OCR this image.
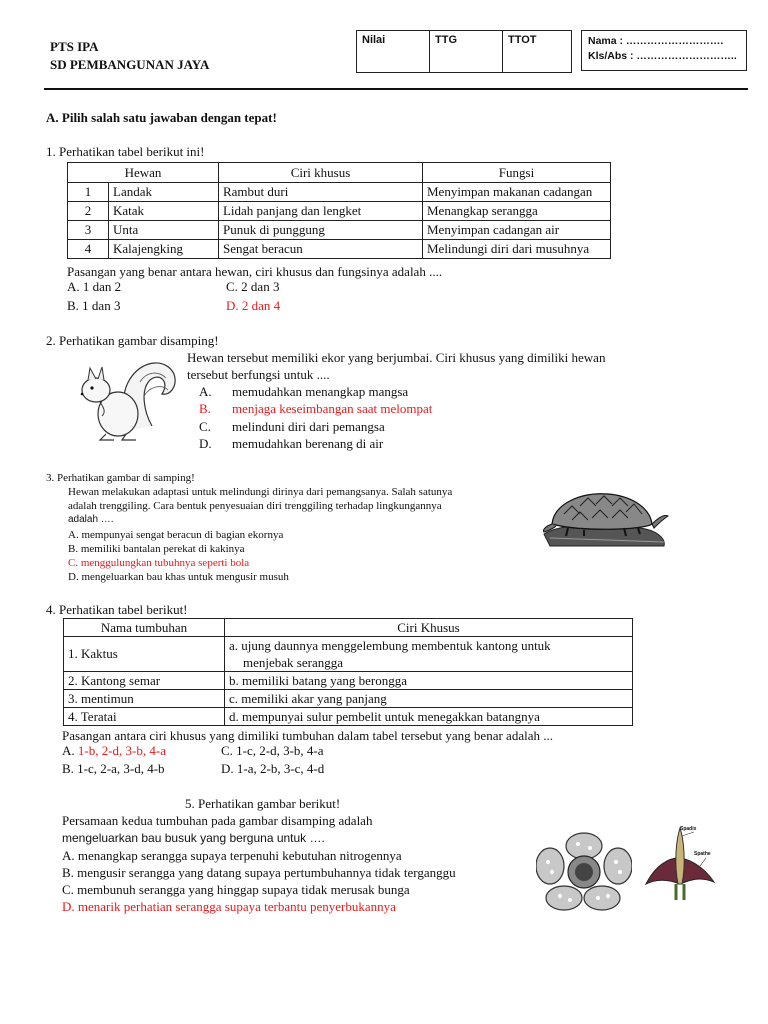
PTS IPA
SD PEMBANGUNAN JAYA
Nilai	TTG	TTOT	Nama : ……………………….
Kls/Abs : ………………………..
A. Pilih salah satu jawaban dengan tepat!
1. Perhatikan tabel berikut ini!
Hewan		Ciri khusus	Fungsi
1	Landak	Rambut duri	Menyimpan makanan cadangan
2	Katak	Lidah panjang dan lengket	Menangkap serangga
3	Unta	Punuk di punggung	Menyimpan cadangan air
4	Kalajengking	Sengat beracun	Melindungi diri dari musuhnya
Pasangan yang benar antara hewan, ciri khusus dan fungsinya adalah ....
A. 1 dan 2	C. 2 dan 3
B. 1 dan 3	D. 2 dan 4
2. Perhatikan gambar disamping!
Hewan tersebut memiliki ekor yang berjumbai. Ciri khusus yang dimiliki hewan
tersebut berfungsi untuk ....
A. memudahkan menangkap mangsa
B. menjaga keseimbangan saat melompat
C. melinduni diri dari pemangsa
D. memudahkan berenang di air
3. Perhatikan gambar di samping!
Hewan melakukan adaptasi untuk melindungi dirinya dari pemangsanya. Salah satunya
adalah trenggiling. Cara bentuk penyesuaian diri trenggiling terhadap lingkungannya
adalah ….
A. mempunyai sengat beracun di bagian ekornya
B. memiliki bantalan perekat di kakinya
C. menggulungkan tubuhnya seperti bola
D. mengeluarkan bau khas untuk mengusir musuh
4. Perhatikan tabel berikut!
Nama tumbuhan	Ciri Khusus
1. Kaktus	a. ujung daunnya menggelembung membentuk kantong untuk
menjebak serangga

2. Kantong semar	b. memiliki batang yang berongga
3. mentimun	c. memiliki akar yang panjang
4. Teratai	d. mempunyai sulur pembelit untuk menegakkan batangnya
Pasangan antara ciri khusus yang dimiliki tumbuhan dalam tabel tersebut yang benar adalah ...
A. 1-b, 2-d, 3-b, 4-a	C. 1-c, 2-d, 3-b, 4-a
B. 1-c, 2-a, 3-d, 4-b	D. 1-a, 2-b, 3-c, 4-d
5. Perhatikan gambar berikut!
Persamaan kedua tumbuhan pada gambar disamping adalah
mengeluarkan bau busuk yang berguna untuk ….
A. menangkap serangga supaya terpenuhi kebutuhan nitrogennya
B. mengusir serangga yang datang supaya pertumbuhannya tidak terganggu
C. membunuh serangga yang hinggap supaya tidak merusak bunga
D. menarik perhatian serangga supaya terbantu penyerbukannya
Spadix
Spathe
